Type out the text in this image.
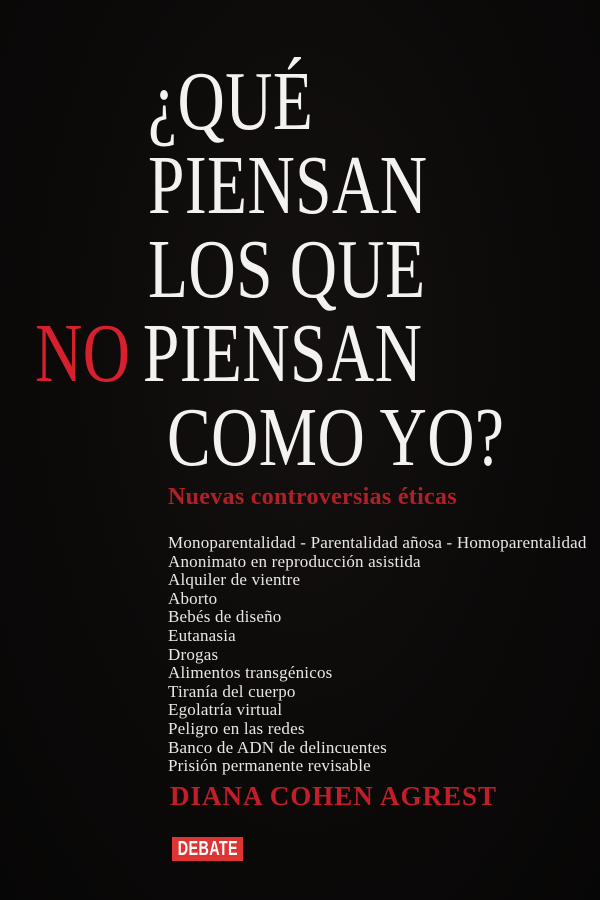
¿QUÉ
PIENSAN
LOS QUE
NO PIENSAN
COMO YO?
Nuevas controversias éticas
Monoparentalidad - Parentalidad añosa - Homoparentalidad
Anonimato en reproducción asistida
Alquiler de vientre
Aborto
Bebés de diseño
Eutanasia
Drogas
Alimentos transgénicos
Tiranía del cuerpo
Egolatría virtual
Peligro en las redes
Banco de ADN de delincuentes
Prisión permanente revisable
DIANA COHEN AGREST
DEBATE
